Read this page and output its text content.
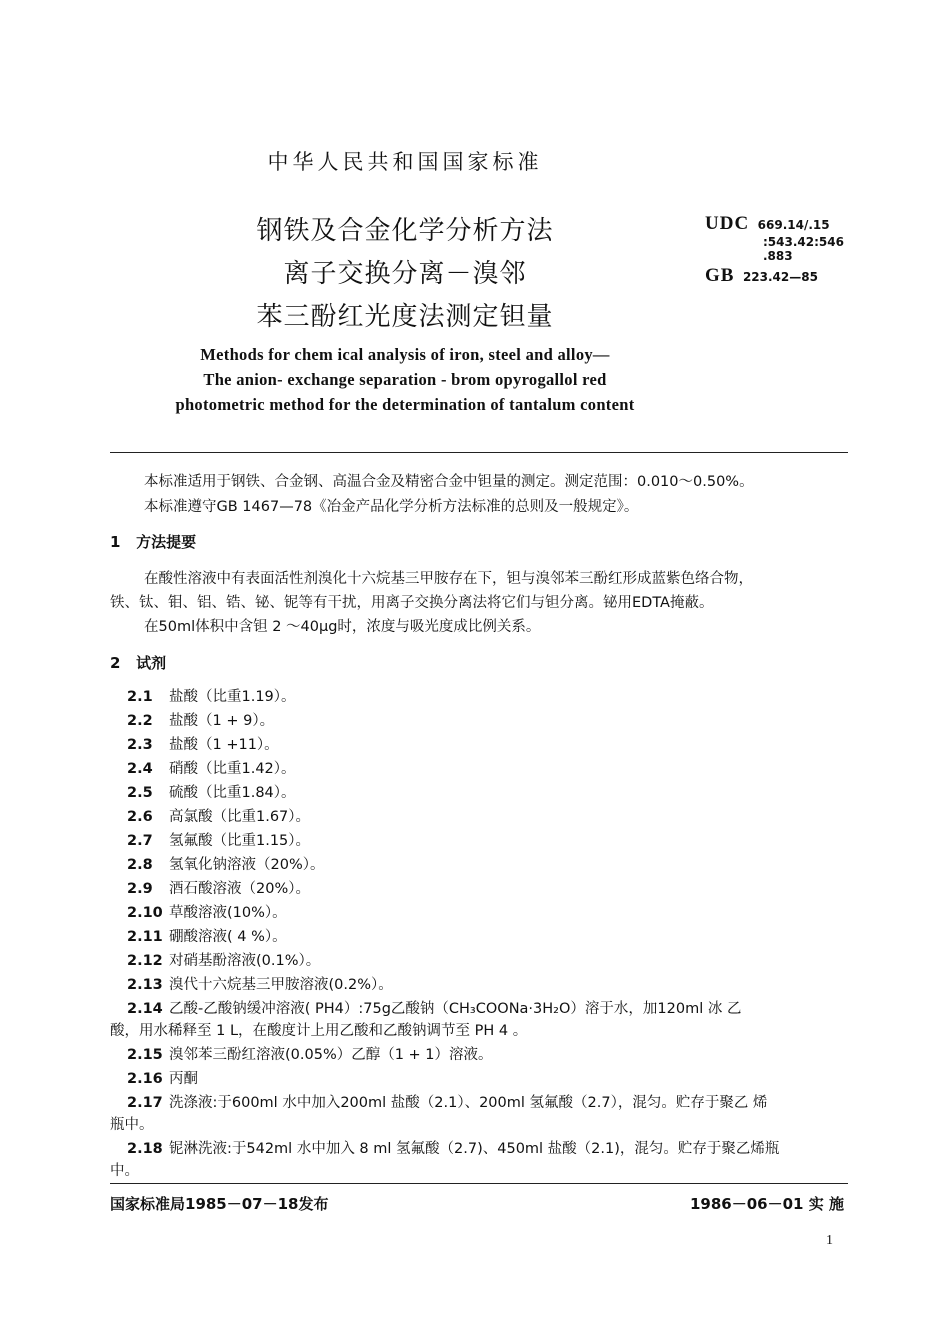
中华人民共和国国家标准
钢铁及合金化学分析方法
离子交换分离－溴邻
苯三酚红光度法测定钽量
UDC 669.14/.15
:543.42:546
.883
GB 223.42—85
Methods for chem ical analysis of iron, steel and alloy—
The anion- exchange separation - brom opyrogallol red
photometric method for the determination of tantalum content
本标准适用于钢铁、合金钢、高温合金及精密合金中钽量的测定。测定范围：0.010～0.50%。
本标准遵守GB 1467—78《冶金产品化学分析方法标准的总则及一般规定》。
1 方法提要
在酸性溶液中有表面活性剂溴化十六烷基三甲胺存在下，钽与溴邻苯三酚红形成蓝紫色络合物，
铁、钛、钼、铝、锆、铋、铌等有干扰，用离子交换分离法将它们与钽分离。铋用EDTA掩蔽。
在50ml体积中含钽 2 ～40μg时，浓度与吸光度成比例关系。
2 试剂
2.1 盐酸（比重1.19）。
2.2 盐酸（1 + 9）。
2.3 盐酸（1 +11）。
2.4 硝酸（比重1.42）。
2.5 硫酸（比重1.84）。
2.6 高氯酸（比重1.67）。
2.7 氢氟酸（比重1.15）。
2.8 氢氧化钠溶液（20%）。
2.9 酒石酸溶液（20%）。
2.10 草酸溶液(10%）。
2.11 硼酸溶液( 4 %）。
2.12 对硝基酚溶液(0.1%）。
2.13 溴代十六烷基三甲胺溶液(0.2%）。
2.14 乙酸-乙酸钠缓冲溶液( PH4）:75g乙酸钠（CH₃COONa·3H₂O）溶于水，加120ml 冰 乙
酸，用水稀释至 1 L，在酸度计上用乙酸和乙酸钠调节至 PH 4 。
2.15 溴邻苯三酚红溶液(0.05%）乙醇（1 + 1）溶液。
2.16 丙酮
2.17 洗涤液:于600ml 水中加入200ml 盐酸（2.1）、200ml 氢氟酸（2.7），混匀。贮存于聚乙 烯
瓶中。
2.18 铌淋洗液:于542ml 水中加入 8 ml 氢氟酸（2.7)、450ml 盐酸（2.1)，混匀。贮存于聚乙烯瓶
中。
国家标准局1985－07－18发布	1986－06－01 实 施
1
